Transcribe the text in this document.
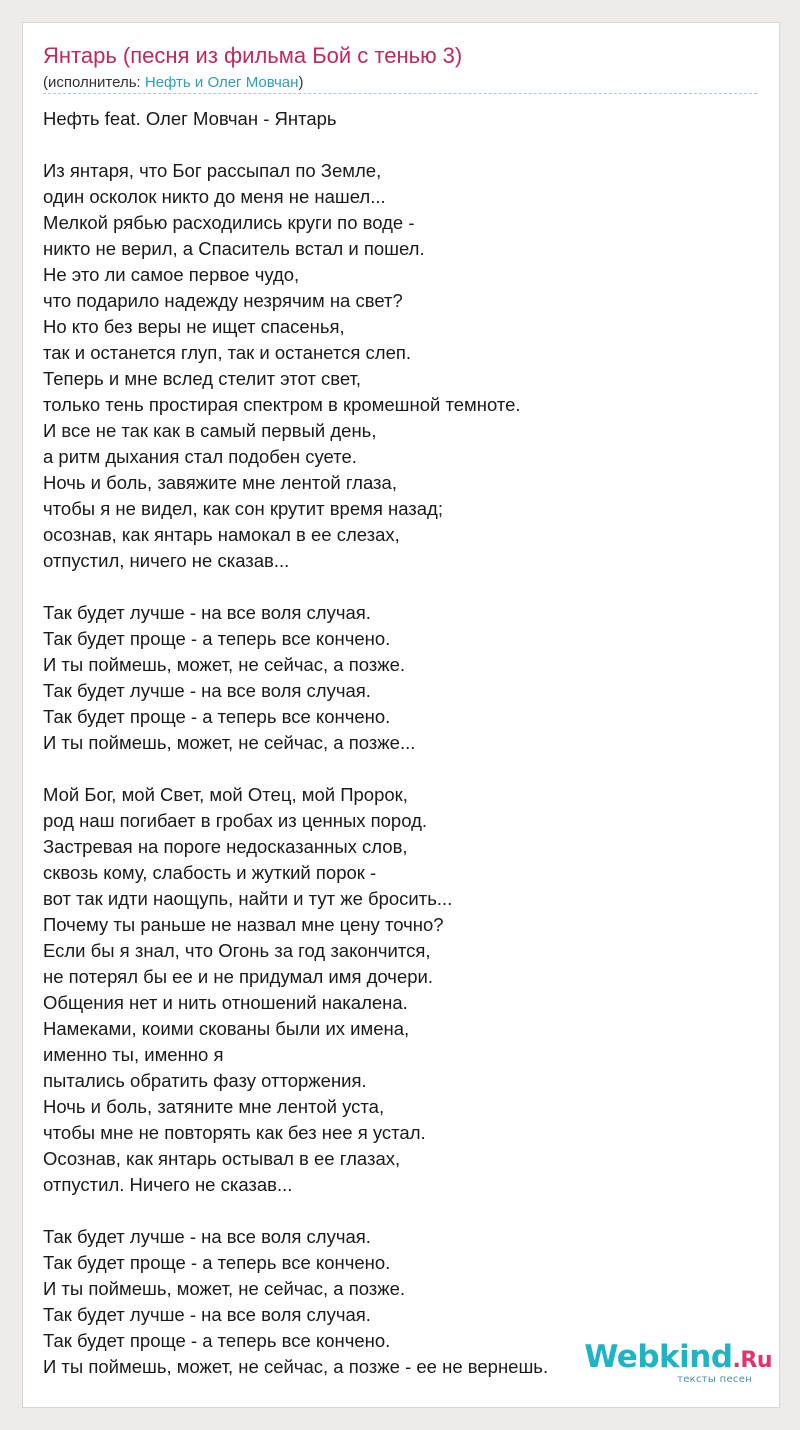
Янтарь (песня из фильма Бой с тенью 3)
(исполнитель: Нефть и Олег Мовчан)
Нефть feat. Олег Мовчан - Янтарь
Из янтаря, что Бог рассыпал по Земле,
один осколок никто до меня не нашел...
Мелкой рябью расходились круги по воде -
никто не верил, а Спаситель встал и пошел.
Не это ли самое первое чудо,
что подарило надежду незрячим на свет?
Но кто без веры не ищет спасенья,
так и останется глуп, так и останется слеп.
Теперь и мне вслед стелит этот свет,
только тень простирая спектром в кромешной темноте.
И все не так как в самый первый день,
а ритм дыхания стал подобен суете.
Ночь и боль, завяжите мне лентой глаза,
чтобы я не видел, как сон крутит время назад;
осознав, как янтарь намокал в ее слезах,
отпустил, ничего не сказав...
Так будет лучше - на все воля случая.
Так будет проще - а теперь все кончено.
И ты поймешь, может, не сейчас, а позже.
Так будет лучше - на все воля случая.
Так будет проще - а теперь все кончено.
И ты поймешь, может, не сейчас, а позже...
Мой Бог, мой Свет, мой Отец, мой Пророк,
род наш погибает в гробах из ценных пород.
Застревая на пороге недосказанных слов,
сквозь кому, слабость и жуткий порок -
вот так идти наощупь, найти и тут же бросить...
Почему ты раньше не назвал мне цену точно?
Если бы я знал, что Огонь за год закончится,
не потерял бы ее и не придумал имя дочери.
Общения нет и нить отношений накалена.
Намеками, коими скованы были их имена,
именно ты, именно я
пытались обратить фазу отторжения.
Ночь и боль, затяните мне лентой уста,
чтобы мне не повторять как без нее я устал.
Осознав, как янтарь остывал в ее глазах,
отпустил. Ничего не сказав...
Так будет лучше - на все воля случая.
Так будет проще - а теперь все кончено.
И ты поймешь, может, не сейчас, а позже.
Так будет лучше - на все воля случая.
Так будет проще - а теперь все кончено.
И ты поймешь, может, не сейчас, а позже - ее не вернешь.	Webkind.Ru
тексты песен
